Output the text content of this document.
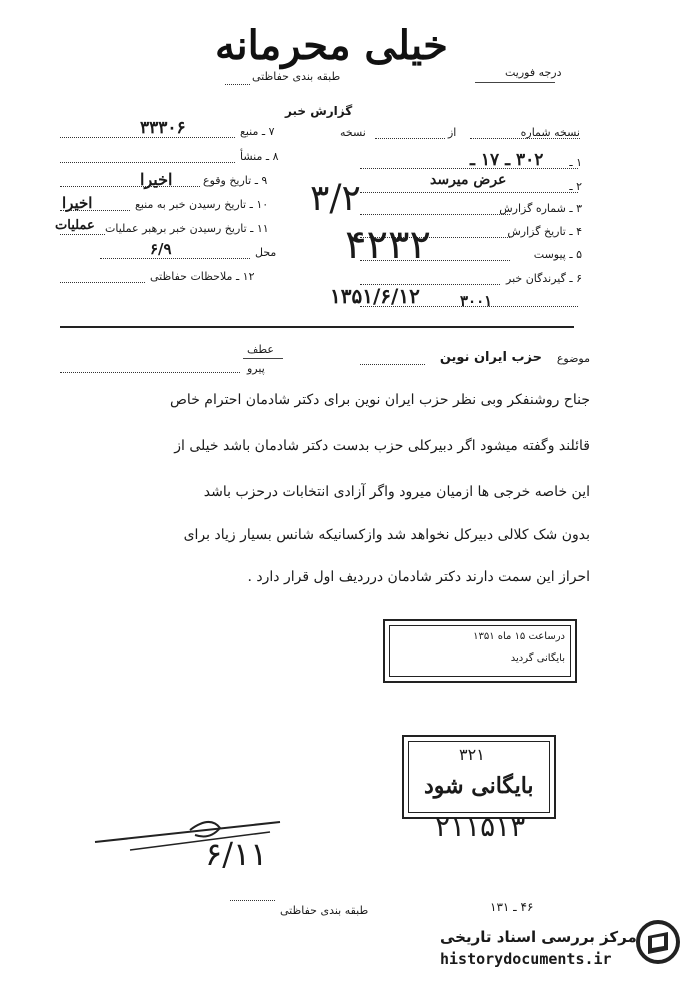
خیلی محرمانه
طبقه بندی حفاظتی	درجه فوریت
گزارش خبر
نسخه شماره
از
نسخه
۱ ـ
۲ ـ
۳ ـ شماره گزارش
۴ ـ تاریخ گزارش
۵ ـ پیوست
۶ ـ گیرندگان خبر
۷ ـ منبع
۸ ـ منشأ
۹ ـ تاریخ وقوع
۱۰ ـ تاریخ رسیدن خبر به منبع
۱۱ ـ تاریخ رسیدن خبر برهبر عملیات
محل
۱۲ ـ ملاحظات حفاظتی
۳۰۲ ـ ۱۷ ـ
عرض میرسد
۳۳۳۰۶
اخیرا
اخیرا
عملیات
۶/۹
۳۰۰۱
۳/۲
۴۲۳۲
۱۳۵۱/۶/۱۲
عطف
پیرو
موضوع
حزب ایران نوین
جناح روشنفکر وبی نظر حزب ایران نوین برای دکتر شادمان احترام خاص
قائلند وگفته میشود اگر دبیرکلی حزب بدست دکتر شادمان باشد خیلی از
این خاصه خرجی ها ازمیان میرود واگر آزادی انتخابات درحزب باشد
بدون شک کلالی دبیرکل نخواهد شد وازکسانیکه شانس بسیار زیاد برای
احراز این سمت دارند دکتر شادمان درردیف اول قرار دارد .
درساعت ۱۵ ماه ۱۳۵۱
بایگانی گردید
۳۲۱
بایگانی شود
۲۱۱۵۱۳
۶/۱۱
طبقه بندی حفاظتی	۴۶ ـ ۱۳۱
مرکز بررسی اسناد تاریخی
historydocuments.ir
